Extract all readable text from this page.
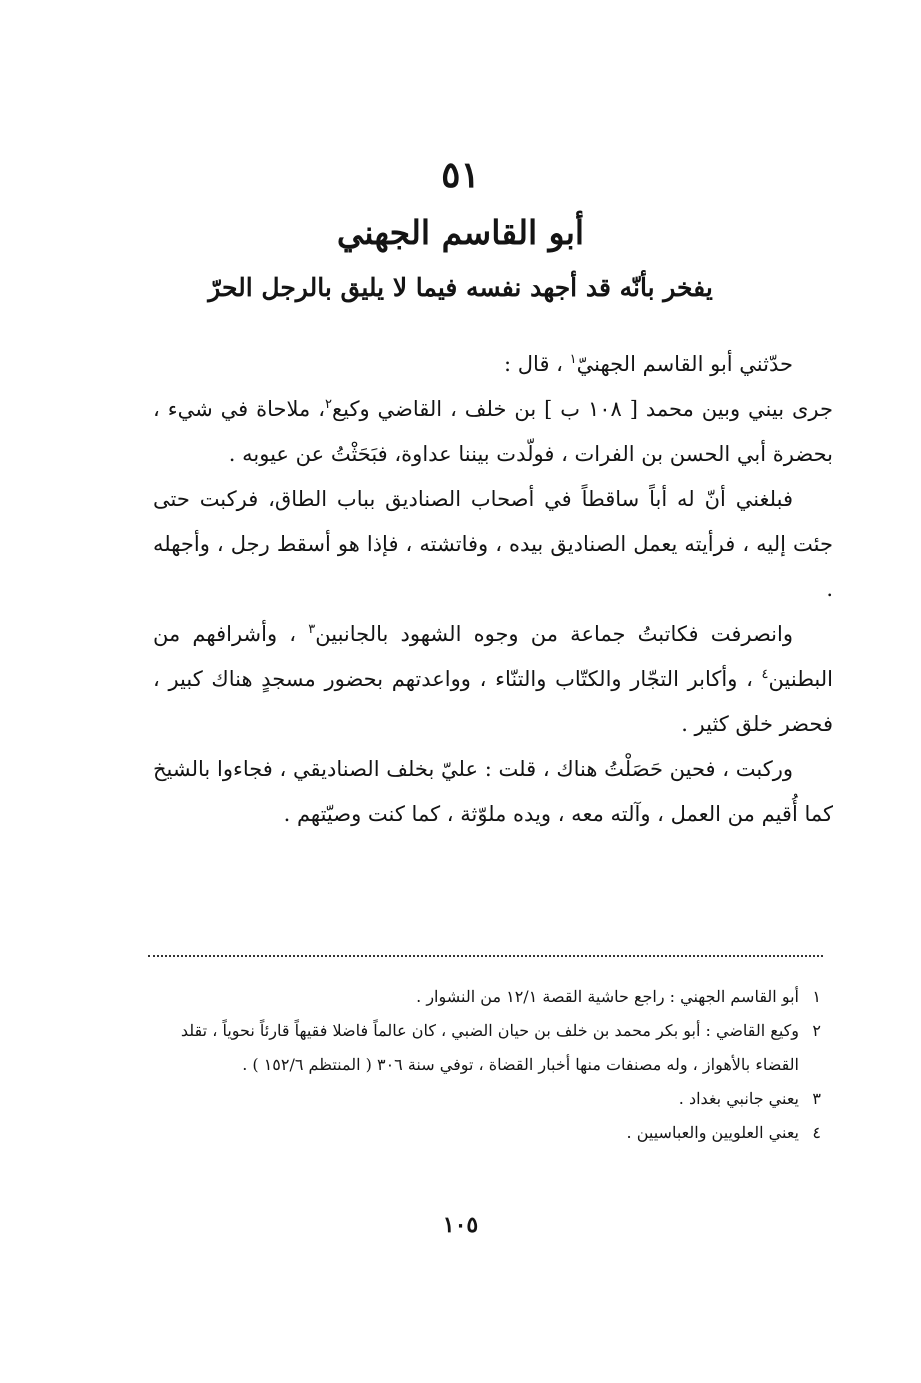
٥١
أبو القاسم الجهني
يفخر بأنّه قد أجهد نفسه فيما لا يليق بالرجل الحرّ

حدّثني أبو القاسم الجهنيّ$^١$ ، قال :

جرى بيني وبين محمد [ ١٠٨ ب ] بن خلف ، القاضي وكيع$^٢$، ملاحاة في شيء ، بحضرة أبي الحسن بن الفرات ، فولّدت بيننا عداوة، فبَحَثْتُ عن عيوبه .

فبلغني أنّ له أباً ساقطاً في أصحاب الصناديق بباب الطاق، فركبت حتى جئت إليه ، فرأيته يعمل الصناديق بيده ، وفاتشته ، فإذا هو أسقط رجل ، وأجهله .

وانصرفت فكاتبتُ جماعة من وجوه الشهود بالجانبين$^٣$ ، وأشرافهم من البطنين$^٤$ ، وأكابر التجّار والكتّاب والتنّاء ، وواعدتهم بحضور مسجدٍ هناك كبير ، فحضر خلق كثير .

وركبت ، فحين حَصَلْتُ هناك ، قلت : عليّ بخلف الصناديقي ، فجاءوا بالشيخ كما أُقيم من العمل ، وآلته معه ، ويده ملوّثة ، كما كنت وصيّتهم .

١
أبو القاسم الجهني : راجع حاشية القصة ١٢/١ من النشوار .
٢
وكيع القاضي : أبو بكر محمد بن خلف بن حيان الضبي ، كان عالماً فاضلا فقيهاً قارئاً نحوياً ، تقلد القضاء بالأهواز ، وله مصنفات منها أخبار القضاة ، توفي سنة ٣٠٦ ( المنتظم ١٥٢/٦ ) .
٣
يعني جانبي بغداد .
٤
يعني العلويين والعباسيين .
١٠٥
